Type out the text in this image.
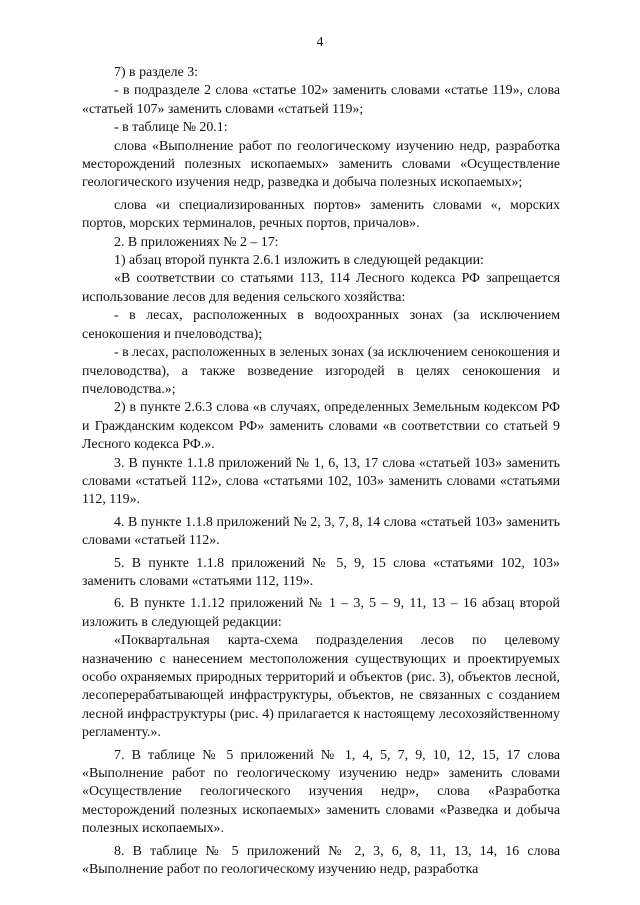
4

7) в разделе 3:

- в подразделе 2 слова «статье 102» заменить словами «статье 119», слова «статьей 107» заменить словами «статьей 119»;

- в таблице № 20.1:

слова «Выполнение работ по геологическому изучению недр, разработка месторождений полезных ископаемых» заменить словами «Осуществление геологического изучения недр, разведка и добыча полезных ископаемых»;

слова «и специализированных портов» заменить словами «, морских портов, морских терминалов, речных портов, причалов».

2. В приложениях № 2 – 17:

1) абзац второй пункта 2.6.1 изложить в следующей редакции:

«В соответствии со статьями 113, 114 Лесного кодекса РФ запрещается использование лесов для ведения сельского хозяйства:

- в лесах, расположенных в водоохранных зонах (за исключением сенокошения и пчеловодства);

- в лесах, расположенных в зеленых зонах (за исключением сенокошения и пчеловодства), а также возведение изгородей в целях сенокошения и пчеловодства.»;

2) в пункте 2.6.3 слова «в случаях, определенных Земельным кодексом РФ и Гражданским кодексом РФ» заменить словами «в соответствии со статьей 9 Лесного кодекса РФ.».

3. В пункте 1.1.8 приложений № 1, 6, 13, 17 слова «статьей 103» заменить словами «статьей 112», слова «статьями 102, 103» заменить словами «статьями 112, 119».

4. В пункте 1.1.8 приложений № 2, 3, 7, 8, 14 слова «статьей 103» заменить словами «статьей 112».

5. В пункте 1.1.8 приложений № 5, 9, 15 слова «статьями 102, 103» заменить словами «статьями 112, 119».

6. В пункте 1.1.12 приложений № 1 – 3, 5 – 9, 11, 13 – 16 абзац второй изложить в следующей редакции:

«Поквартальная карта-схема подразделения лесов по целевому назначению с нанесением местоположения существующих и проектируемых особо охраняемых природных территорий и объектов (рис. 3), объектов лесной, лесоперерабатывающей инфраструктуры, объектов, не связанных с созданием лесной инфраструктуры (рис. 4) прилагается к настоящему лесохозяйственному регламенту.».

7. В таблице № 5 приложений № 1, 4, 5, 7, 9, 10, 12, 15, 17 слова «Выполнение работ по геологическому изучению недр» заменить словами «Осуществление геологического изучения недр», слова «Разработка месторождений полезных ископаемых» заменить словами «Разведка и добыча полезных ископаемых».

8. В таблице № 5 приложений № 2, 3, 6, 8, 11, 13, 14, 16 слова «Выполнение работ по геологическому изучению недр, разработка
